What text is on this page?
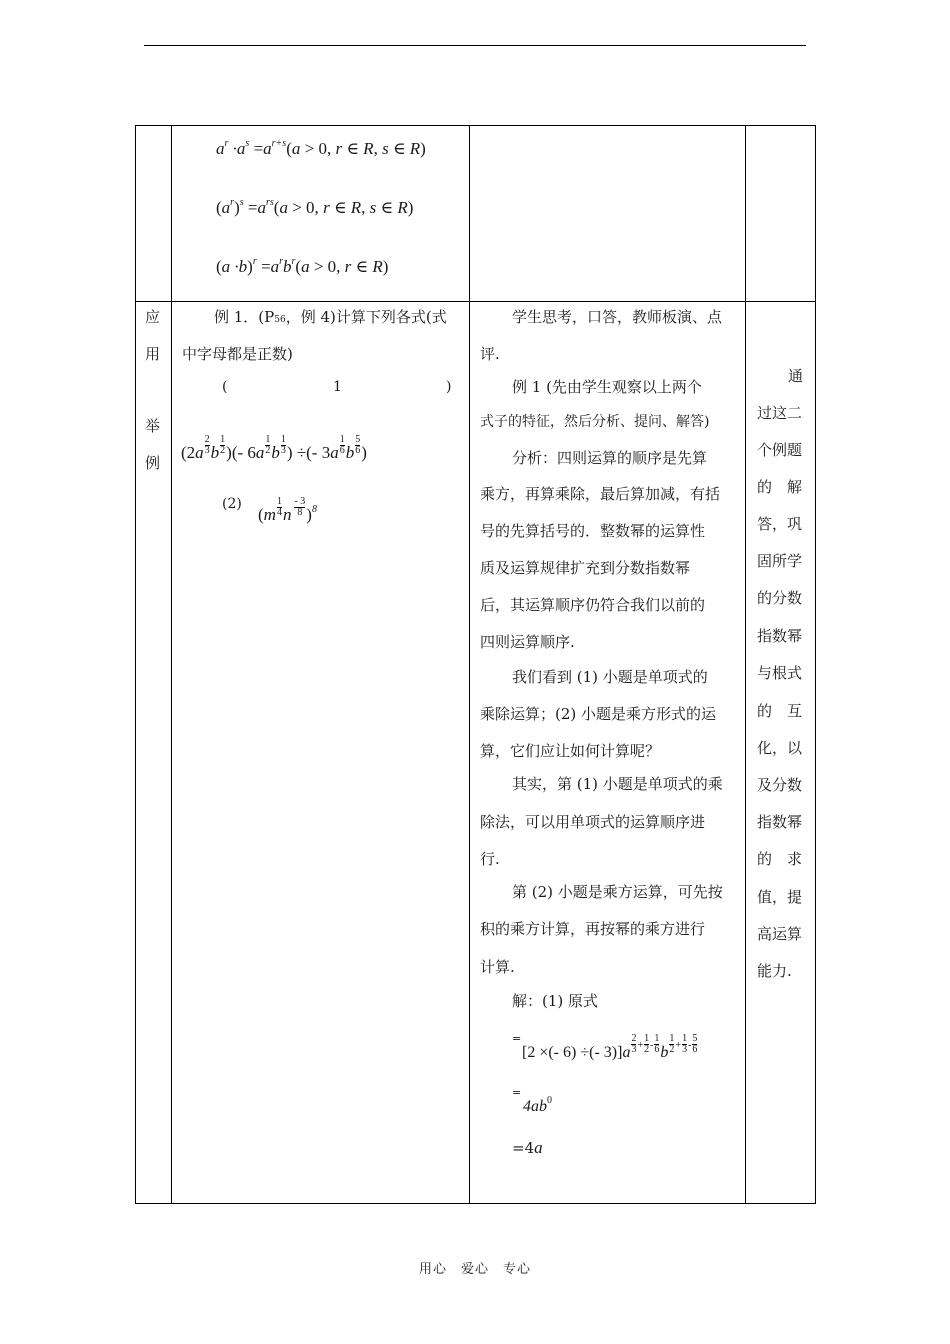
$a^r \cdot a^s =a^{r+s}(a > 0$, r ∈ R, s ∈ R)
$(a^r)^s =a^{rs}(a > 0$, r ∈ R, s ∈ R)
$(a \cdot b)^r =a^rb^r(a > 0$, r ∈ R)
应
用
举
例
例 1．(P56，例 4)计算下列各式(式
中字母都是正数)
(	1	)
($2a \frac{2}{3}$ b $\frac{1}{2}$ )(- $6a \frac{1}{2}$ b $\frac{1}{3}$ ) ÷(- $3a \frac{1}{6}$ b $\frac{5}{6}$ )
(2)
($m \frac{1}{4}$ n $\frac{- 3}{8} )^8$
学生思考，口答，教师板演、点
评.
例 1 (先由学生观察以上两个
式子的特征，然后分析、提问、解答)
分析：四则运算的顺序是先算
乘方，再算乘除，最后算加减，有括
号的先算括号的．整数幂的运算性
质及运算规律扩充到分数指数幂
后，其运算顺序仍符合我们以前的
四则运算顺序.
我们看到 (1) 小题是单项式的
乘除运算；(2) 小题是乘方形式的运
算，它们应让如何计算呢？
其实，第 (1) 小题是单项式的乘
除法，可以用单项式的运算顺序进
行.
第 (2) 小题是乘方运算，可先按
积的乘方计算，再按幂的乘方进行
计算.
解：(1) 原式
=
[2 ×(- 6) ÷(- $3)]a \frac{2}{3} ^+ \frac{1}{2} ^- \frac{1}{6}$ b $\frac{1}{2} ^+ \frac{1}{3} ^- \frac{5}{6}$
=
$4ab^0$
=4a
通
过这二
个例题
的　解
答，巩
固所学
的分数
指数幂
与根式
的　互
化，以
及分数
指数幂
的　求
值，提
高运算
能力.
用心　爱心　专心
